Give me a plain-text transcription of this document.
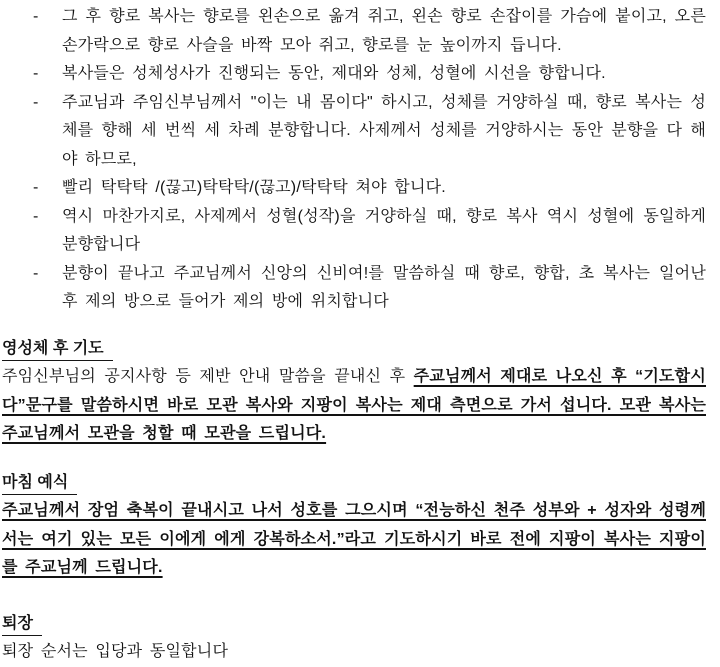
- 그 후 향로 복사는 향로를 왼손으로 옮겨 쥐고, 왼손 향로 손잡이를 가슴에 붙이고, 오른손가락으로 향로 사슬을 바짝 모아 쥐고, 향로를 눈 높이까지 듭니다.
- 복사들은 성체성사가 진행되는 동안, 제대와 성체, 성혈에 시선을 향합니다.
- 주교님과 주임신부님께서 "이는 내 몸이다" 하시고, 성체를 거양하실 때, 향로 복사는 성체를 향해 세 번씩 세 차례 분향합니다. 사제께서 성체를 거양하시는 동안 분향을 다 해야 하므로,
- 빨리 탁탁탁 /(끊고)탁탁탁/(끊고)/탁탁탁 쳐야 합니다.
- 역시 마찬가지로, 사제께서 성혈(성작)을 거양하실 때, 향로 복사 역시 성혈에 동일하게 분향합니다
- 분향이 끝나고 주교님께서 신앙의 신비여!를 말씀하실 때 향로, 향합, 초 복사는 일어난 후 제의 방으로 들어가 제의 방에 위치합니다
영성체 후 기도

주임신부님의 공지사항 등 제반 안내 말씀을 끝내신 후 주교님께서 제대로 나오신 후 “기도합시다”문구를 말씀하시면 바로 모관 복사와 지팡이 복사는 제대 측면으로 가서 섭니다. 모관 복사는 주교님께서 모관을 청할 때 모관을 드립니다.

마침 예식

주교님께서 장엄 축복이 끝내시고 나서 성호를 그으시며 “전능하신 천주 성부와 + 성자와 성령께서는 여기 있는 모든 이에게 에게 강복하소서.”라고 기도하시기 바로 전에 지팡이 복사는 지팡이를 주교님께 드립니다.

퇴장

퇴장 순서는 입당과 동일합니다
